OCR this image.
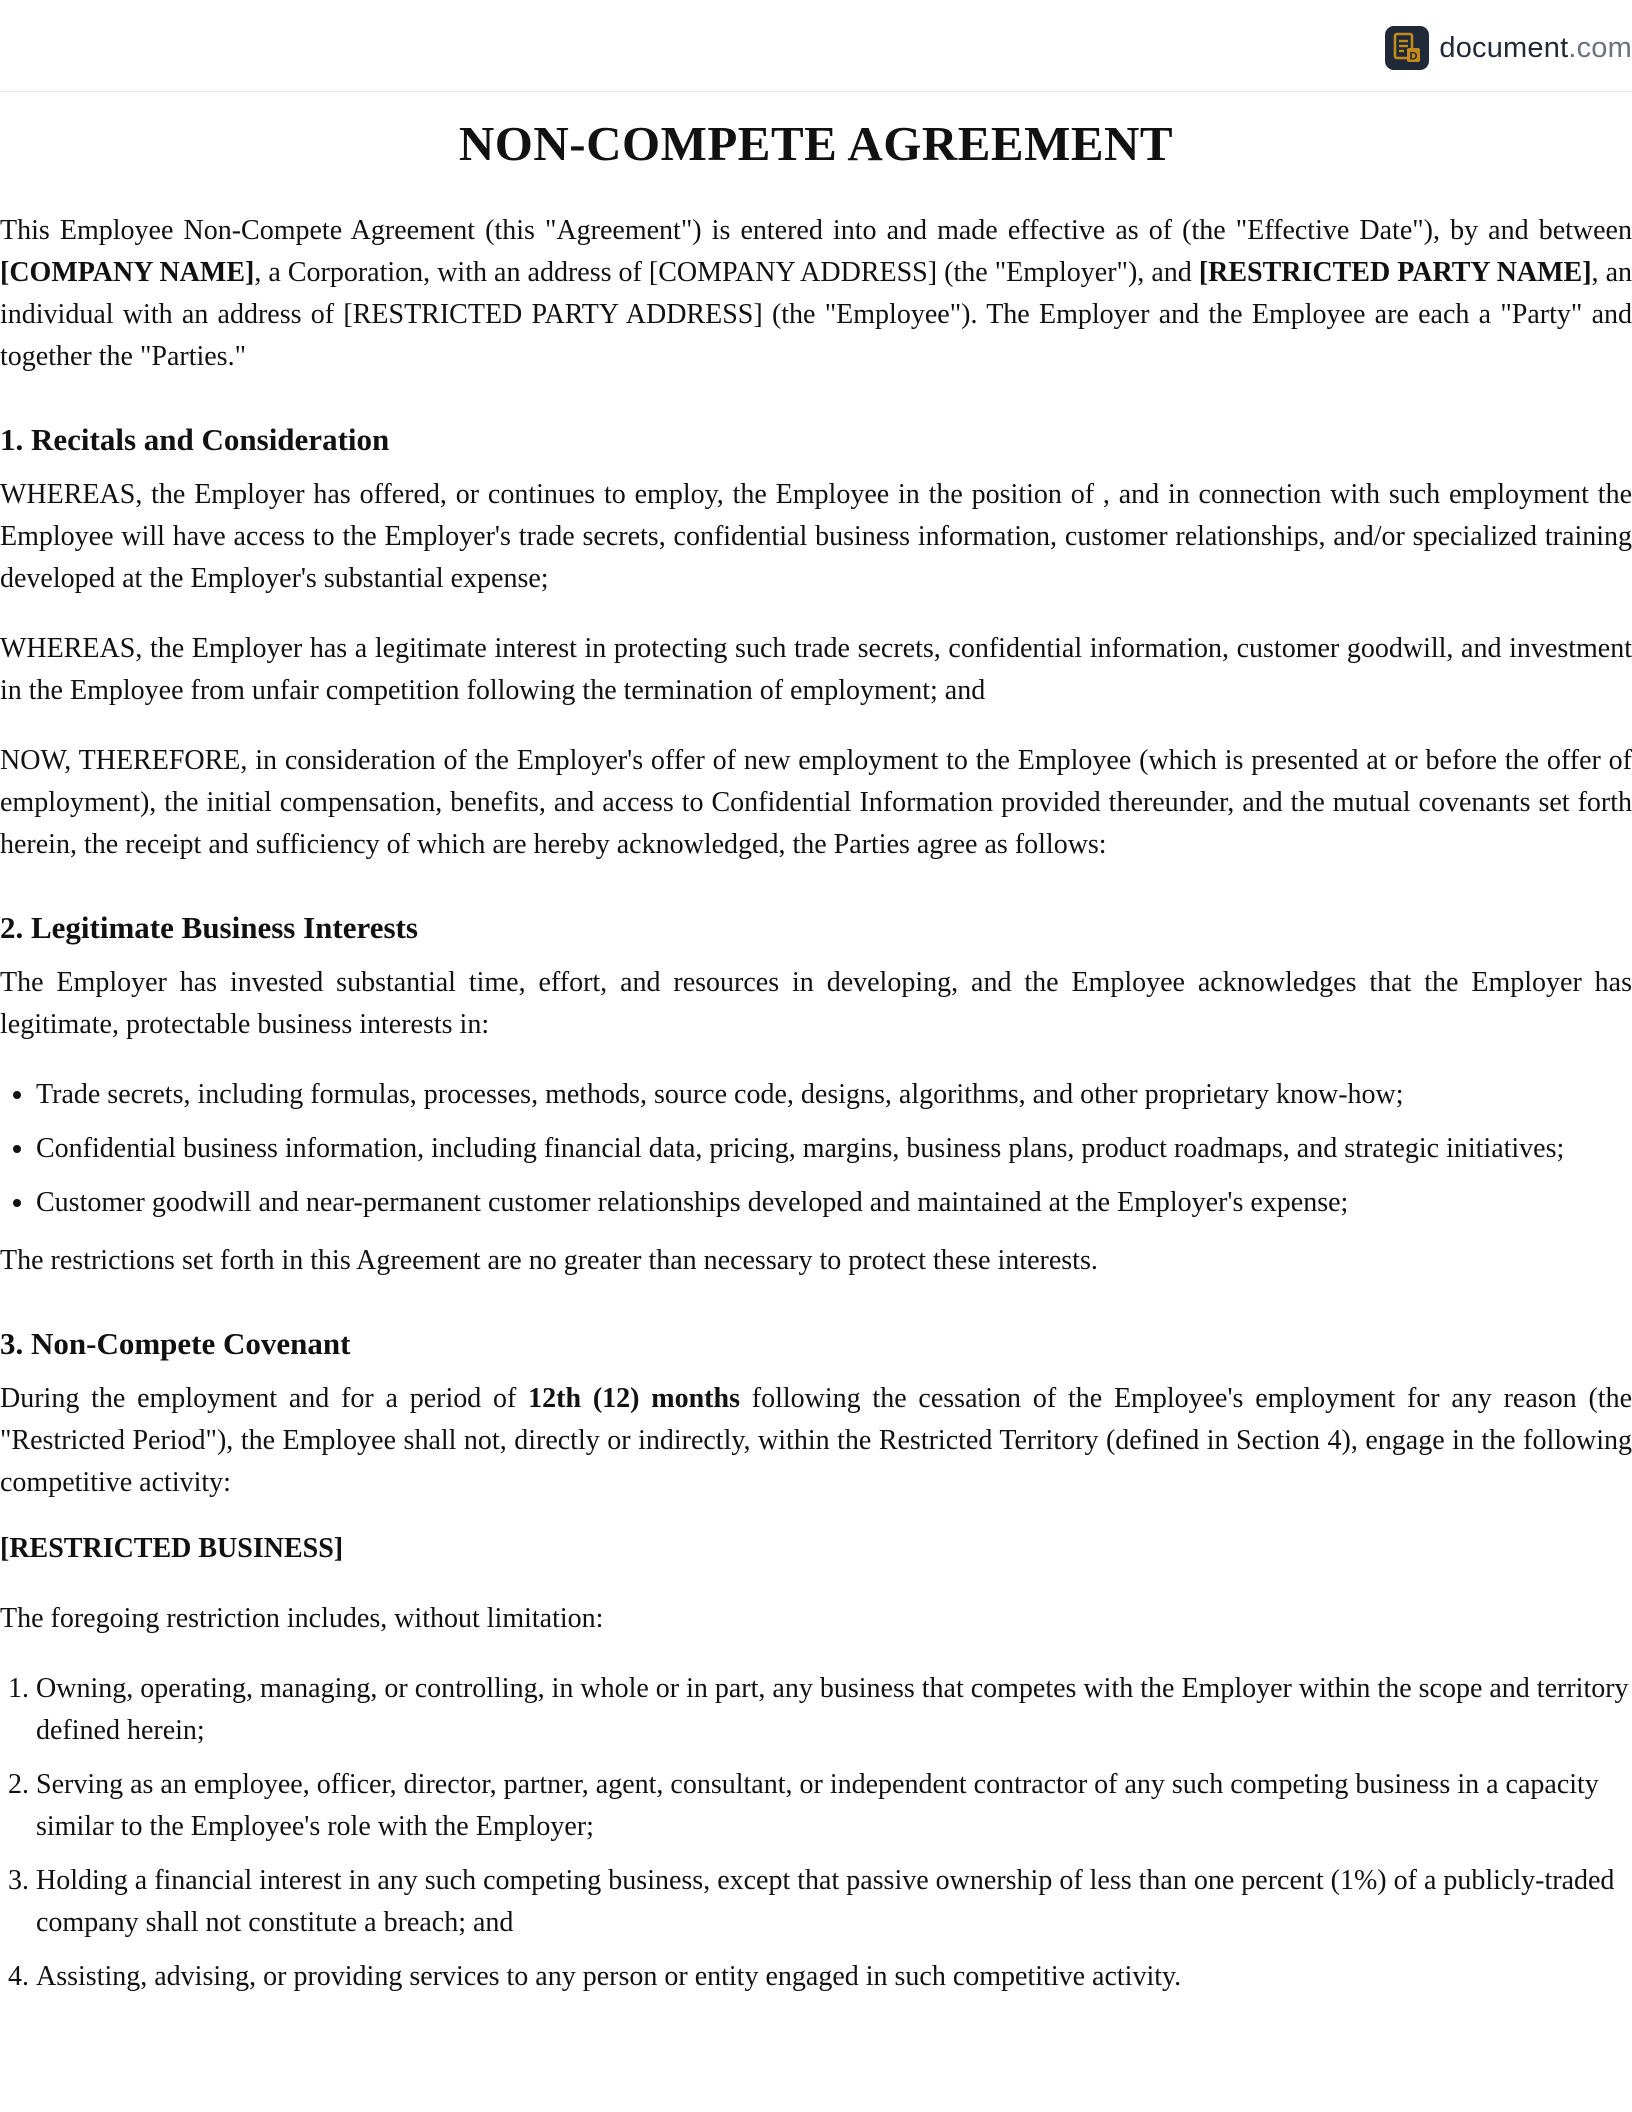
D document.com
NON-COMPETE AGREEMENT

This Employee Non-Compete Agreement (this "Agreement") is entered into and made effective as of (the "Effective Date"), by and between [COMPANY NAME], a Corporation, with an address of [COMPANY ADDRESS] (the "Employer"), and [RESTRICTED PARTY NAME], an individual with an address of [RESTRICTED PARTY ADDRESS] (the "Employee"). The Employer and the Employee are each a "Party" and together the "Parties."

1. Recitals and Consideration

WHEREAS, the Employer has offered, or continues to employ, the Employee in the position of , and in connection with such employment the Employee will have access to the Employer's trade secrets, confidential business information, customer relationships, and/or specialized training developed at the Employer's substantial expense;

WHEREAS, the Employer has a legitimate interest in protecting such trade secrets, confidential information, customer goodwill, and investment in the Employee from unfair competition following the termination of employment; and

NOW, THEREFORE, in consideration of the Employer's offer of new employment to the Employee (which is presented at or before the offer of employment), the initial compensation, benefits, and access to Confidential Information provided thereunder, and the mutual covenants set forth herein, the receipt and sufficiency of which are hereby acknowledged, the Parties agree as follows:

2. Legitimate Business Interests

The Employer has invested substantial time, effort, and resources in developing, and the Employee acknowledges that the Employer has legitimate, protectable business interests in:

• Trade secrets, including formulas, processes, methods, source code, designs, algorithms, and other proprietary know-how;
• Confidential business information, including financial data, pricing, margins, business plans, product roadmaps, and strategic initiatives;
• Customer goodwill and near-permanent customer relationships developed and maintained at the Employer's expense;

The restrictions set forth in this Agreement are no greater than necessary to protect these interests.

3. Non-Compete Covenant

During the employment and for a period of 12th (12) months following the cessation of the Employee's employment for any reason (the "Restricted Period"), the Employee shall not, directly or indirectly, within the Restricted Territory (defined in Section 4), engage in the following competitive activity:

[RESTRICTED BUSINESS]

The foregoing restriction includes, without limitation:

1. Owning, operating, managing, or controlling, in whole or in part, any business that competes with the Employer within the scope and territory defined herein;
2. Serving as an employee, officer, director, partner, agent, consultant, or independent contractor of any such competing business in a capacity similar to the Employee's role with the Employer;
3. Holding a financial interest in any such competing business, except that passive ownership of less than one percent (1%) of a publicly-traded company shall not constitute a breach; and
4. Assisting, advising, or providing services to any person or entity engaged in such competitive activity.
